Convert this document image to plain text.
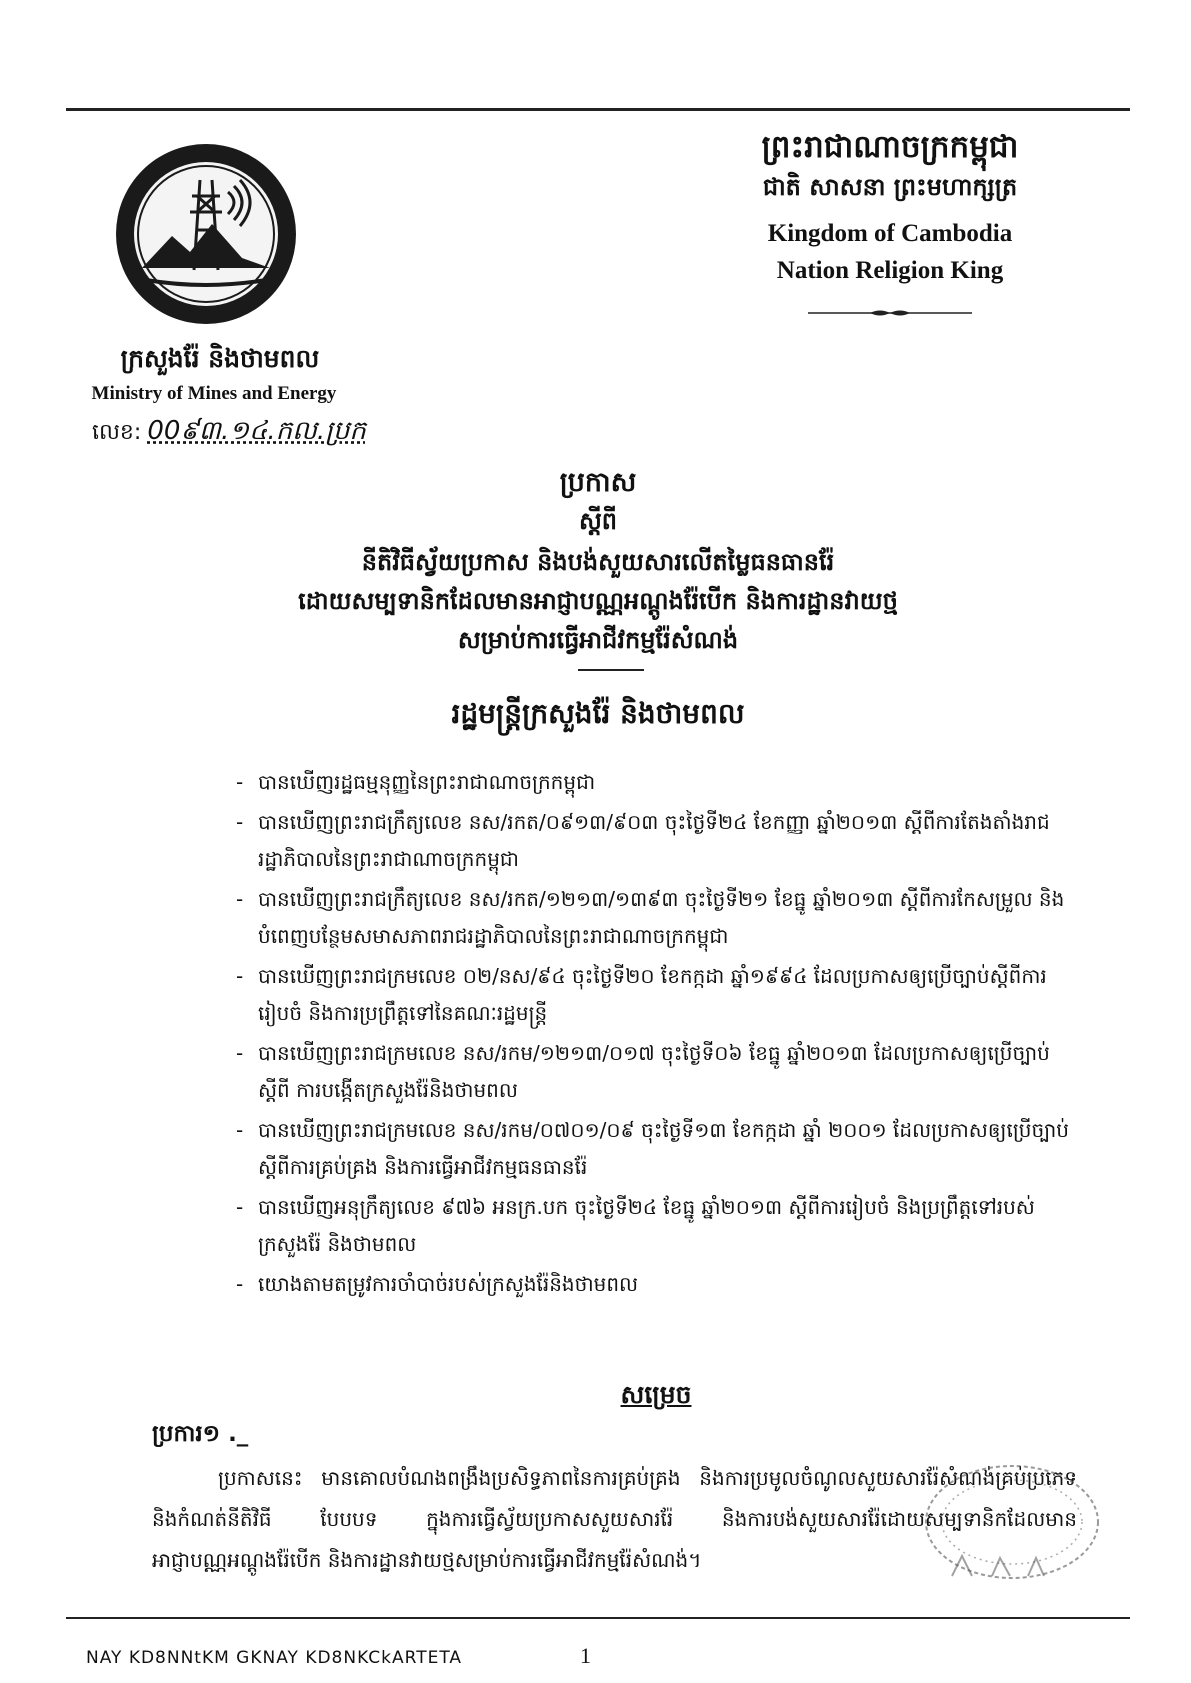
ក្រសួងរ៉ែ និងថាមពល
Ministry of Mines and Energy
លេខ: 00៩៣.១៤.កល.ប្រក
ព្រះរាជាណាចក្រកម្ពុជា
ជាតិ សាសនា ព្រះមហាក្សត្រ
Kingdom of Cambodia
Nation Religion King
ប្រកាស
ស្តីពី
នីតិវិធីស្វ័យប្រកាស និងបង់សួយសារលើតម្លៃធនធានរ៉ែ
ដោយសម្បទានិកដែលមានអាជ្ញាបណ្ណអណ្តូងរ៉ែបើក និងការដ្ឋានវាយថ្ម
សម្រាប់ការធ្វើអាជីវកម្មរ៉ែសំណង់
រដ្ឋមន្ត្រីក្រសួងរ៉ែ និងថាមពល
- បានឃើញរដ្ឋធម្មនុញ្ញនៃព្រះរាជាណាចក្រកម្ពុជា
- បានឃើញព្រះរាជក្រឹត្យលេខ នស/រកត/០៩១៣/៩០៣ ចុះថ្ងៃទី២៤ ខែកញ្ញា ឆ្នាំ២០១៣ ស្តីពីការតែងតាំងរាជរដ្ឋាភិបាលនៃព្រះរាជាណាចក្រកម្ពុជា
- បានឃើញព្រះរាជក្រឹត្យលេខ នស/រកត/១២១៣/១៣៩៣ ចុះថ្ងៃទី២១ ខែធ្នូ ឆ្នាំ២០១៣ ស្តីពីការកែសម្រួល និងបំពេញបន្ថែមសមាសភាពរាជរដ្ឋាភិបាលនៃព្រះរាជាណាចក្រកម្ពុជា
- បានឃើញព្រះរាជក្រមលេខ ០២/នស/៩៤ ចុះថ្ងៃទី២០ ខែកក្កដា ឆ្នាំ១៩៩៤ ដែលប្រកាសឲ្យប្រើច្បាប់ស្តីពីការរៀបចំ និងការប្រព្រឹត្តទៅនៃគណៈរដ្ឋមន្ត្រី
- បានឃើញព្រះរាជក្រមលេខ នស/រកម/១២១៣/០១៧ ចុះថ្ងៃទី០៦ ខែធ្នូ ឆ្នាំ២០១៣ ដែលប្រកាសឲ្យប្រើច្បាប់ស្តីពី ការបង្កើតក្រសួងរ៉ែនិងថាមពល
- បានឃើញព្រះរាជក្រមលេខ នស/រកម/០៧០១/០៩ ចុះថ្ងៃទី១៣ ខែកក្កដា ឆ្នាំ ២០០១ ដែលប្រកាសឲ្យប្រើច្បាប់ស្តីពីការគ្រប់គ្រង និងការធ្វើអាជីវកម្មធនធានរ៉ែ
- បានឃើញអនុក្រឹត្យលេខ ៩៧៦ អនក្រ.បក ចុះថ្ងៃទី២៤ ខែធ្នូ ឆ្នាំ២០១៣ ស្តីពីការរៀបចំ និងប្រព្រឹត្តទៅរបស់ក្រសួងរ៉ែ និងថាមពល
- យោងតាមតម្រូវការចាំបាច់របស់ក្រសួងរ៉ែនិងថាមពល
សម្រេច
ប្រការ១ ._
ប្រកាសនេះ មានគោលបំណងពង្រឹងប្រសិទ្ធភាពនៃការគ្រប់គ្រង និងការប្រមូលចំណូលសួយសាររ៉ែសំណង់គ្រប់ប្រភេទ និងកំណត់នីតិវិធី បែបបទ ក្នុងការធ្វើស្វ័យប្រកាសសួយសាររ៉ែ និងការបង់សួយសាររ៉ែដោយសម្បទានិកដែលមានអាជ្ញាបណ្ណអណ្តូងរ៉ែបើក និងការដ្ឋានវាយថ្មសម្រាប់ការធ្វើអាជីវកម្មរ៉ែសំណង់។
NAY KD8NNtKM GKNAY KD8NKCkARTETA	1
